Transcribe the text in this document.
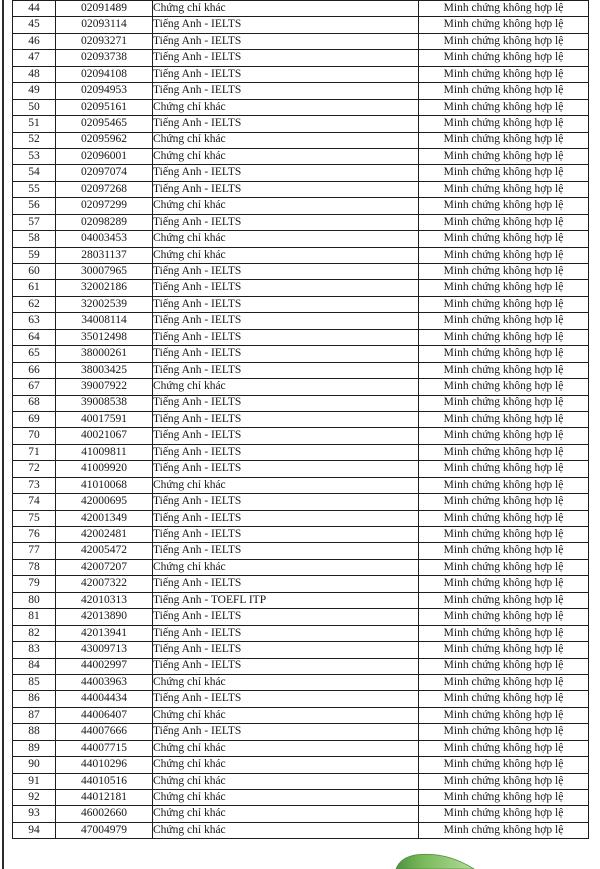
44	02091489	Chứng chỉ khác	Minh chứng không hợp lệ
45	02093114	Tiếng Anh - IELTS	Minh chứng không hợp lệ
46	02093271	Tiếng Anh - IELTS	Minh chứng không hợp lệ
47	02093738	Tiếng Anh - IELTS	Minh chứng không hợp lệ
48	02094108	Tiếng Anh - IELTS	Minh chứng không hợp lệ
49	02094953	Tiếng Anh - IELTS	Minh chứng không hợp lệ
50	02095161	Chứng chỉ khác	Minh chứng không hợp lệ
51	02095465	Tiếng Anh - IELTS	Minh chứng không hợp lệ
52	02095962	Chứng chỉ khác	Minh chứng không hợp lệ
53	02096001	Chứng chỉ khác	Minh chứng không hợp lệ
54	02097074	Tiếng Anh - IELTS	Minh chứng không hợp lệ
55	02097268	Tiếng Anh - IELTS	Minh chứng không hợp lệ
56	02097299	Chứng chỉ khác	Minh chứng không hợp lệ
57	02098289	Tiếng Anh - IELTS	Minh chứng không hợp lệ
58	04003453	Chứng chỉ khác	Minh chứng không hợp lệ
59	28031137	Chứng chỉ khác	Minh chứng không hợp lệ
60	30007965	Tiếng Anh - IELTS	Minh chứng không hợp lệ
61	32002186	Tiếng Anh - IELTS	Minh chứng không hợp lệ
62	32002539	Tiếng Anh - IELTS	Minh chứng không hợp lệ
63	34008114	Tiếng Anh - IELTS	Minh chứng không hợp lệ
64	35012498	Tiếng Anh - IELTS	Minh chứng không hợp lệ
65	38000261	Tiếng Anh - IELTS	Minh chứng không hợp lệ
66	38003425	Tiếng Anh - IELTS	Minh chứng không hợp lệ
67	39007922	Chứng chỉ khác	Minh chứng không hợp lệ
68	39008538	Tiếng Anh - IELTS	Minh chứng không hợp lệ
69	40017591	Tiếng Anh - IELTS	Minh chứng không hợp lệ
70	40021067	Tiếng Anh - IELTS	Minh chứng không hợp lệ
71	41009811	Tiếng Anh - IELTS	Minh chứng không hợp lệ
72	41009920	Tiếng Anh - IELTS	Minh chứng không hợp lệ
73	41010068	Chứng chỉ khác	Minh chứng không hợp lệ
74	42000695	Tiếng Anh - IELTS	Minh chứng không hợp lệ
75	42001349	Tiếng Anh - IELTS	Minh chứng không hợp lệ
76	42002481	Tiếng Anh - IELTS	Minh chứng không hợp lệ
77	42005472	Tiếng Anh - IELTS	Minh chứng không hợp lệ
78	42007207	Chứng chỉ khác	Minh chứng không hợp lệ
79	42007322	Tiếng Anh - IELTS	Minh chứng không hợp lệ
80	42010313	Tiếng Anh - TOEFL ITP	Minh chứng không hợp lệ
81	42013890	Tiếng Anh - IELTS	Minh chứng không hợp lệ
82	42013941	Tiếng Anh - IELTS	Minh chứng không hợp lệ
83	43009713	Tiếng Anh - IELTS	Minh chứng không hợp lệ
84	44002997	Tiếng Anh - IELTS	Minh chứng không hợp lệ
85	44003963	Chứng chỉ khác	Minh chứng không hợp lệ
86	44004434	Tiếng Anh - IELTS	Minh chứng không hợp lệ
87	44006407	Chứng chỉ khác	Minh chứng không hợp lệ
88	44007666	Tiếng Anh - IELTS	Minh chứng không hợp lệ
89	44007715	Chứng chỉ khác	Minh chứng không hợp lệ
90	44010296	Chứng chỉ khác	Minh chứng không hợp lệ
91	44010516	Chứng chỉ khác	Minh chứng không hợp lệ
92	44012181	Chứng chỉ khác	Minh chứng không hợp lệ
93	46002660	Chứng chỉ khác	Minh chứng không hợp lệ
94	47004979	Chứng chỉ khác	Minh chứng không hợp lệ
